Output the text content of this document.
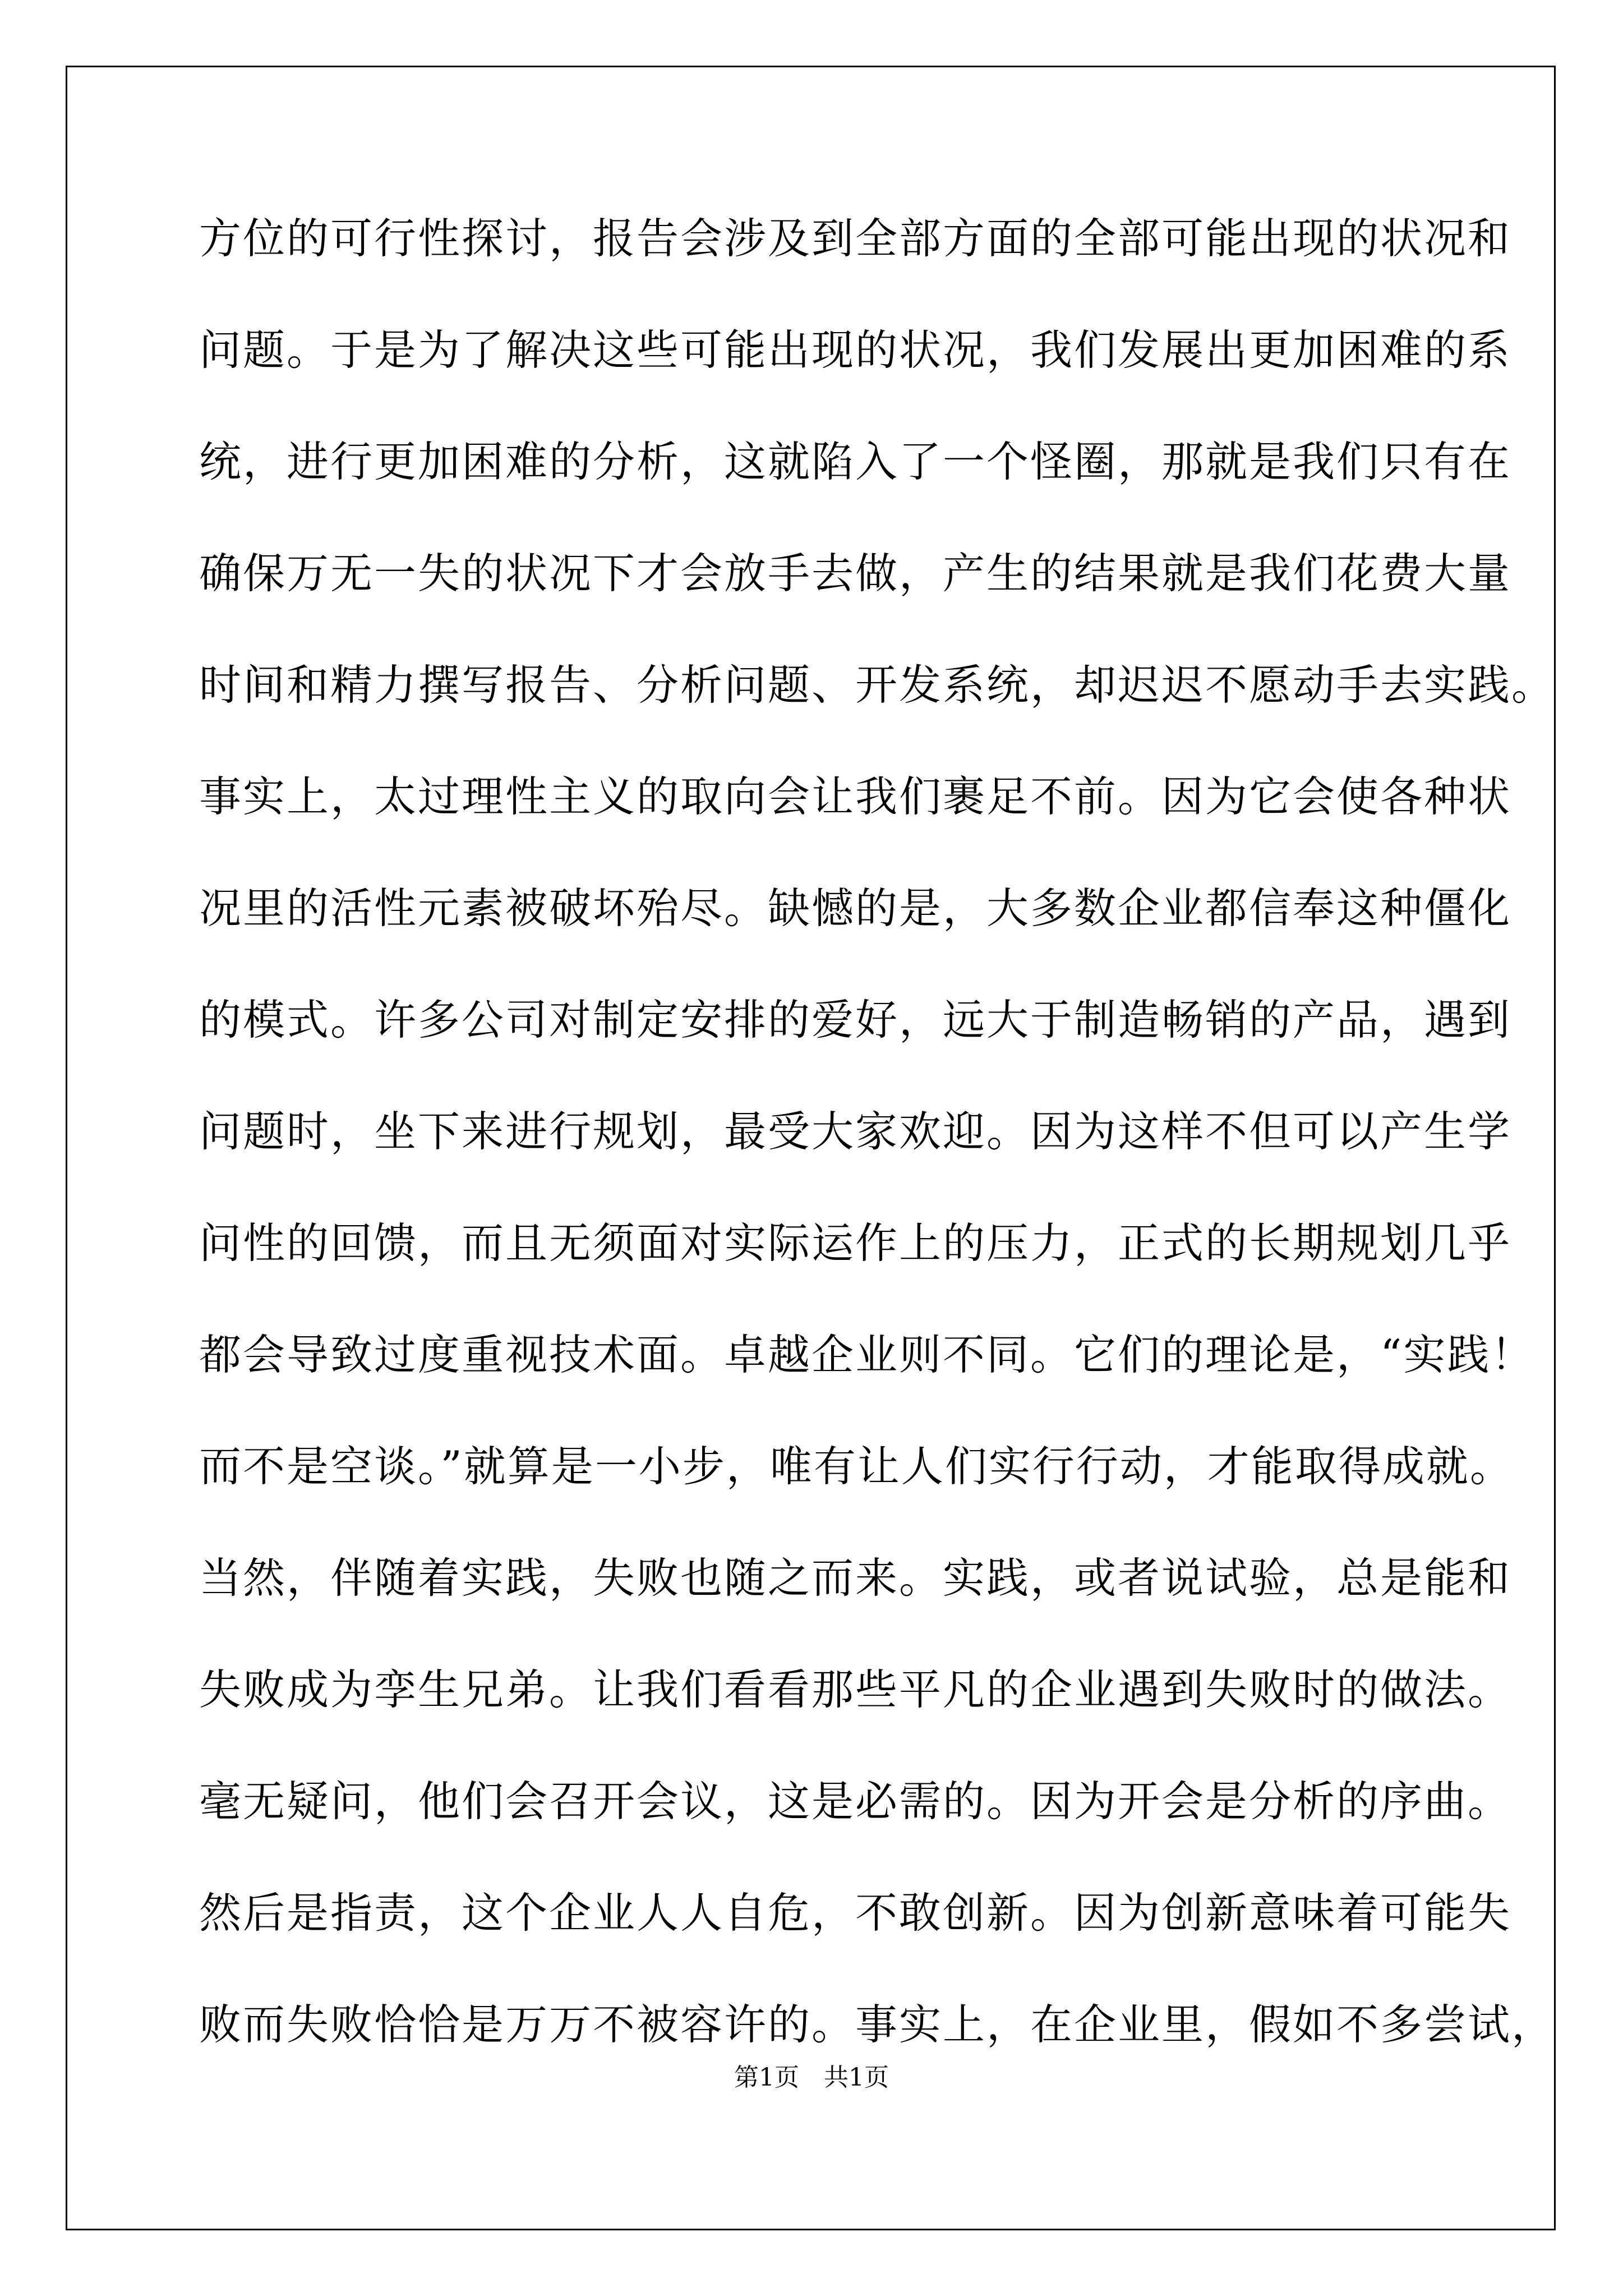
方位的可行性探讨，报告会涉及到全部方面的全部可能出现的状况和
问题。于是为了解决这些可能出现的状况，我们发展出更加困难的系
统，进行更加困难的分析，这就陷入了一个怪圈，那就是我们只有在
确保万无一失的状况下才会放手去做，产生的结果就是我们花费大量
时间和精力撰写报告、分析问题、开发系统，却迟迟不愿动手去实践。
事实上，太过理性主义的取向会让我们裹足不前。因为它会使各种状
况里的活性元素被破坏殆尽。缺憾的是，大多数企业都信奉这种僵化
的模式。许多公司对制定安排的爱好，远大于制造畅销的产品，遇到
问题时，坐下来进行规划，最受大家欢迎。因为这样不但可以产生学
问性的回馈，而且无须面对实际运作上的压力，正式的长期规划几乎
都会导致过度重视技术面。卓越企业则不同。它们的理论是，“实践！
而不是空谈。”就算是一小步，唯有让人们实行行动，才能取得成就。
当然，伴随着实践，失败也随之而来。实践，或者说试验，总是能和
失败成为孪生兄弟。让我们看看那些平凡的企业遇到失败时的做法。
毫无疑问，他们会召开会议，这是必需的。因为开会是分析的序曲。
然后是指责，这个企业人人自危，不敢创新。因为创新意味着可能失
败而失败恰恰是万万不被容许的。事实上，在企业里，假如不多尝试，
第1页　共1页
